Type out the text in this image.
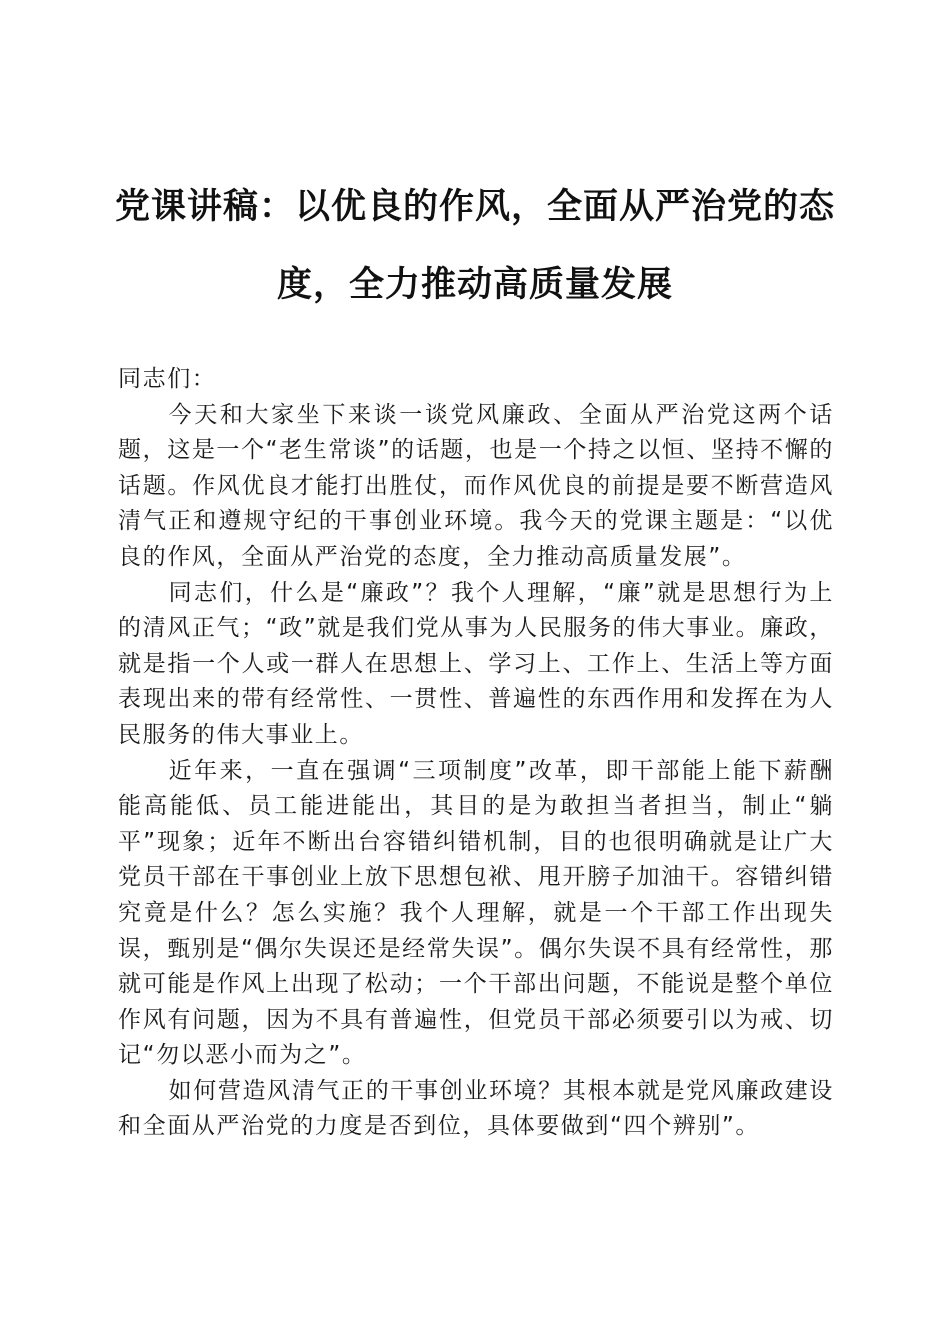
党课讲稿：以优良的作风，全面从严治党的态
度，全力推动高质量发展

同志们：

今天和大家坐下来谈一谈党风廉政、全面从严治党这两个话题，这是一个“老生常谈”的话题，也是一个持之以恒、坚持不懈的话题。作风优良才能打出胜仗，而作风优良的前提是要不断营造风清气正和遵规守纪的干事创业环境。我今天的党课主题是：“以优良的作风，全面从严治党的态度，全力推动高质量发展”。

同志们，什么是“廉政”？我个人理解，“廉”就是思想行为上的清风正气；“政”就是我们党从事为人民服务的伟大事业。廉政，就是指一个人或一群人在思想上、学习上、工作上、生活上等方面表现出来的带有经常性、一贯性、普遍性的东西作用和发挥在为人民服务的伟大事业上。

近年来，一直在强调“三项制度”改革，即干部能上能下薪酬能高能低、员工能进能出，其目的是为敢担当者担当，制止“躺平”现象；近年不断出台容错纠错机制，目的也很明确就是让广大党员干部在干事创业上放下思想包袱、甩开膀子加油干。容错纠错究竟是什么？怎么实施？我个人理解，就是一个干部工作出现失误，甄别是“偶尔失误还是经常失误”。偶尔失误不具有经常性，那就可能是作风上出现了松动；一个干部出问题，不能说是整个单位作风有问题，因为不具有普遍性，但党员干部必须要引以为戒、切记“勿以恶小而为之”。

如何营造风清气正的干事创业环境？其根本就是党风廉政建设和全面从严治党的力度是否到位，具体要做到“四个辨别”。
